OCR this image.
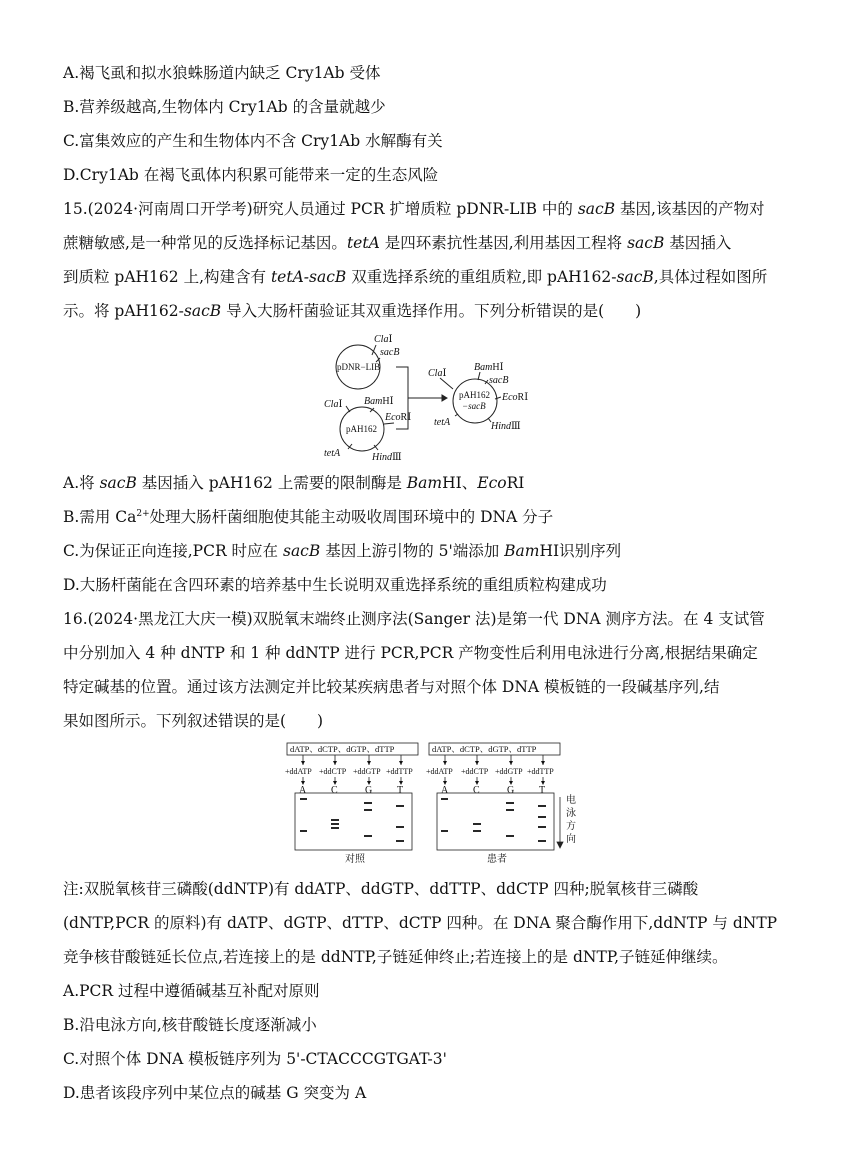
A.褐飞虱和拟水狼蛛肠道内缺乏 Cry1Ab 受体
B.营养级越高,生物体内 Cry1Ab 的含量就越少
C.富集效应的产生和生物体内不含 Cry1Ab 水解酶有关
D.Cry1Ab 在褐飞虱体内积累可能带来一定的生态风险
15.(2024·河南周口开学考)研究人员通过 PCR 扩增质粒 pDNR-LIB 中的 sacB 基因,该基因的产物对
蔗糖敏感,是一种常见的反选择标记基因。tetA 是四环素抗性基因,利用基因工程将 sacB 基因插入
到质粒 pAH162 上,构建含有 tetA-sacB 双重选择系统的重组质粒,即 pAH162-sacB,具体过程如图所
示。将 pAH162-sacB 导入大肠杆菌验证其双重选择作用。下列分析错误的是(　　)
pDNR−LIB
pAH162
pAH162
−sacB
ClaⅠ
sacB
ClaⅠ BamHⅠ
EcoRⅠ
tetA	HindⅢ
ClaⅠ
BamHⅠ
sacB
EcoRⅠ
tetA	HindⅢ
A.将 sacB 基因插入 pAH162 上需要的限制酶是 BamHⅠ、EcoRⅠ
B.需用 $Ca^{2+}$处理大肠杆菌细胞使其能主动吸收周围环境中的 DNA 分子
C.为保证正向连接,PCR 时应在 sacB 基因上游引物的 5'端添加 BamHⅠ识别序列
D.大肠杆菌能在含四环素的培养基中生长说明双重选择系统的重组质粒构建成功
16.(2024·黑龙江大庆一模)双脱氧末端终止测序法(Sanger 法)是第一代 DNA 测序方法。在 4 支试管
中分别加入 4 种 dNTP 和 1 种 ddNTP 进行 PCR,PCR 产物变性后利用电泳进行分离,根据结果确定
特定碱基的位置。通过该方法测定并比较某疾病患者与对照个体 DNA 模板链的一段碱基序列,结
果如图所示。下列叙述错误的是(　　)
dATP、dCTP、dGTP、dTTP	dATP、dCTP、dGTP、dTTP
+ddATP +ddCTP +ddGTP +ddTTP +ddATP +ddCTP +ddGTP +ddTTP
A C	G T	A C	G T
对照	患者
电
泳
方
向
注:双脱氧核苷三磷酸(ddNTP)有 ddATP、ddGTP、ddTTP、ddCTP 四种;脱氧核苷三磷酸
(dNTP,PCR 的原料)有 dATP、dGTP、dTTP、dCTP 四种。在 DNA 聚合酶作用下,ddNTP 与 dNTP
竞争核苷酸链延长位点,若连接上的是 ddNTP,子链延伸终止;若连接上的是 dNTP,子链延伸继续。
A.PCR 过程中遵循碱基互补配对原则
B.沿电泳方向,核苷酸链长度逐渐减小
C.对照个体 DNA 模板链序列为 5'-CTACCCGTGAT-3'
D.患者该段序列中某位点的碱基 G 突变为 A
